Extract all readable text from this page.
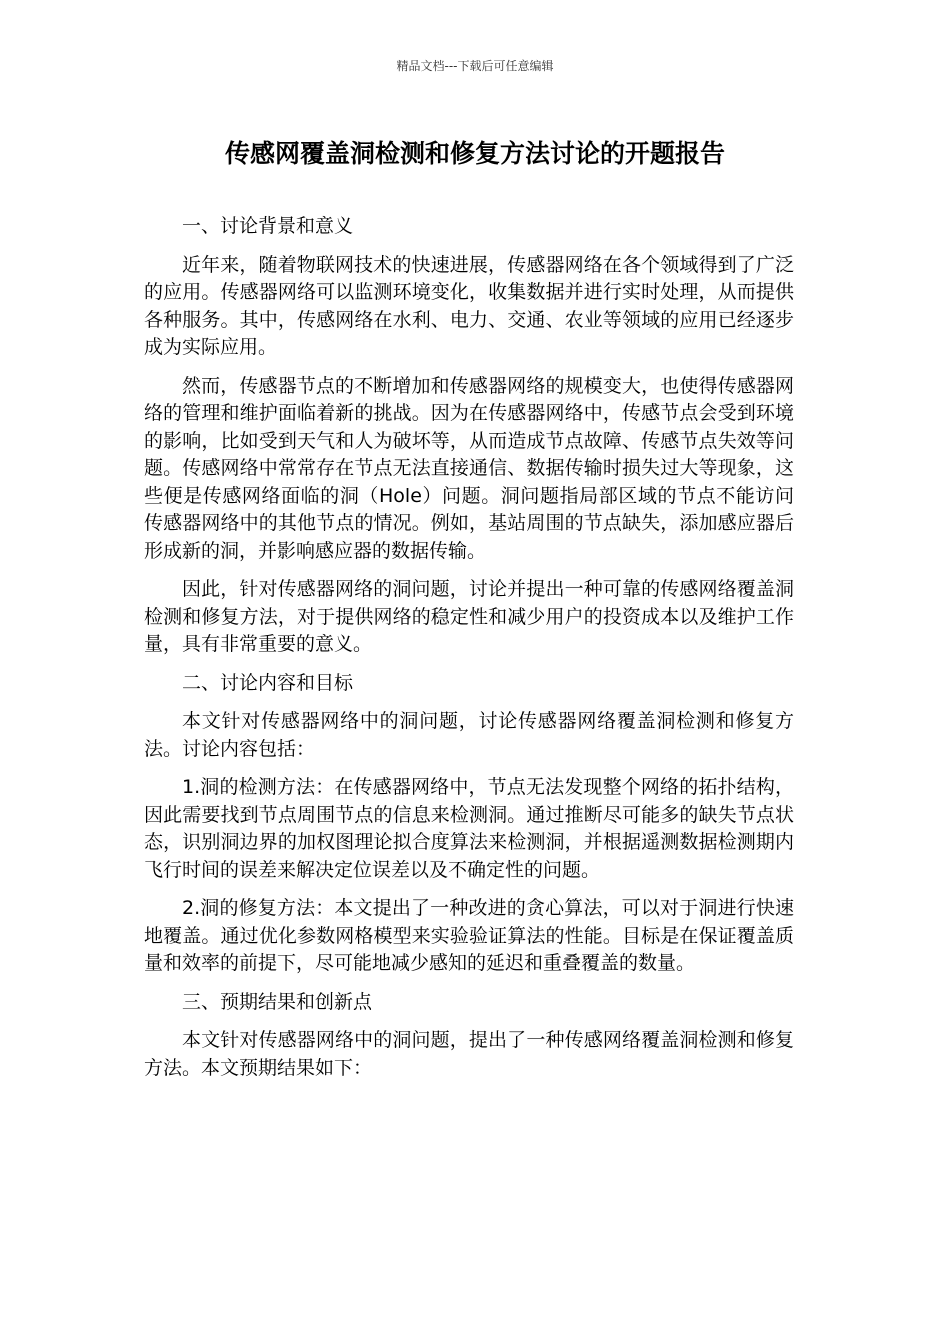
精品文档---下载后可任意编辑
传感网覆盖洞检测和修复方法讨论的开题报告

一、讨论背景和意义

近年来，随着物联网技术的快速进展，传感器网络在各个领域得到了广泛的应用。传感器网络可以监测环境变化，收集数据并进行实时处理，从而提供各种服务。其中，传感网络在水利、电力、交通、农业等领域的应用已经逐步成为实际应用。

然而，传感器节点的不断增加和传感器网络的规模变大，也使得传感器网络的管理和维护面临着新的挑战。因为在传感器网络中，传感节点会受到环境的影响，比如受到天气和人为破坏等，从而造成节点故障、传感节点失效等问题。传感网络中常常存在节点无法直接通信、数据传输时损失过大等现象，这些便是传感网络面临的洞（Hole）问题。洞问题指局部区域的节点不能访问传感器网络中的其他节点的情况。例如，基站周围的节点缺失，添加感应器后形成新的洞，并影响感应器的数据传输。

因此，针对传感器网络的洞问题，讨论并提出一种可靠的传感网络覆盖洞检测和修复方法，对于提供网络的稳定性和减少用户的投资成本以及维护工作量，具有非常重要的意义。

二、讨论内容和目标

本文针对传感器网络中的洞问题，讨论传感器网络覆盖洞检测和修复方法。讨论内容包括：

1.洞的检测方法：在传感器网络中，节点无法发现整个网络的拓扑结构，因此需要找到节点周围节点的信息来检测洞。通过推断尽可能多的缺失节点状态，识别洞边界的加权图理论拟合度算法来检测洞，并根据遥测数据检测期内飞行时间的误差来解决定位误差以及不确定性的问题。

2.洞的修复方法：本文提出了一种改进的贪心算法，可以对于洞进行快速地覆盖。通过优化参数网格模型来实验验证算法的性能。目标是在保证覆盖质量和效率的前提下，尽可能地减少感知的延迟和重叠覆盖的数量。

三、预期结果和创新点

本文针对传感器网络中的洞问题，提出了一种传感网络覆盖洞检测和修复方法。本文预期结果如下：
